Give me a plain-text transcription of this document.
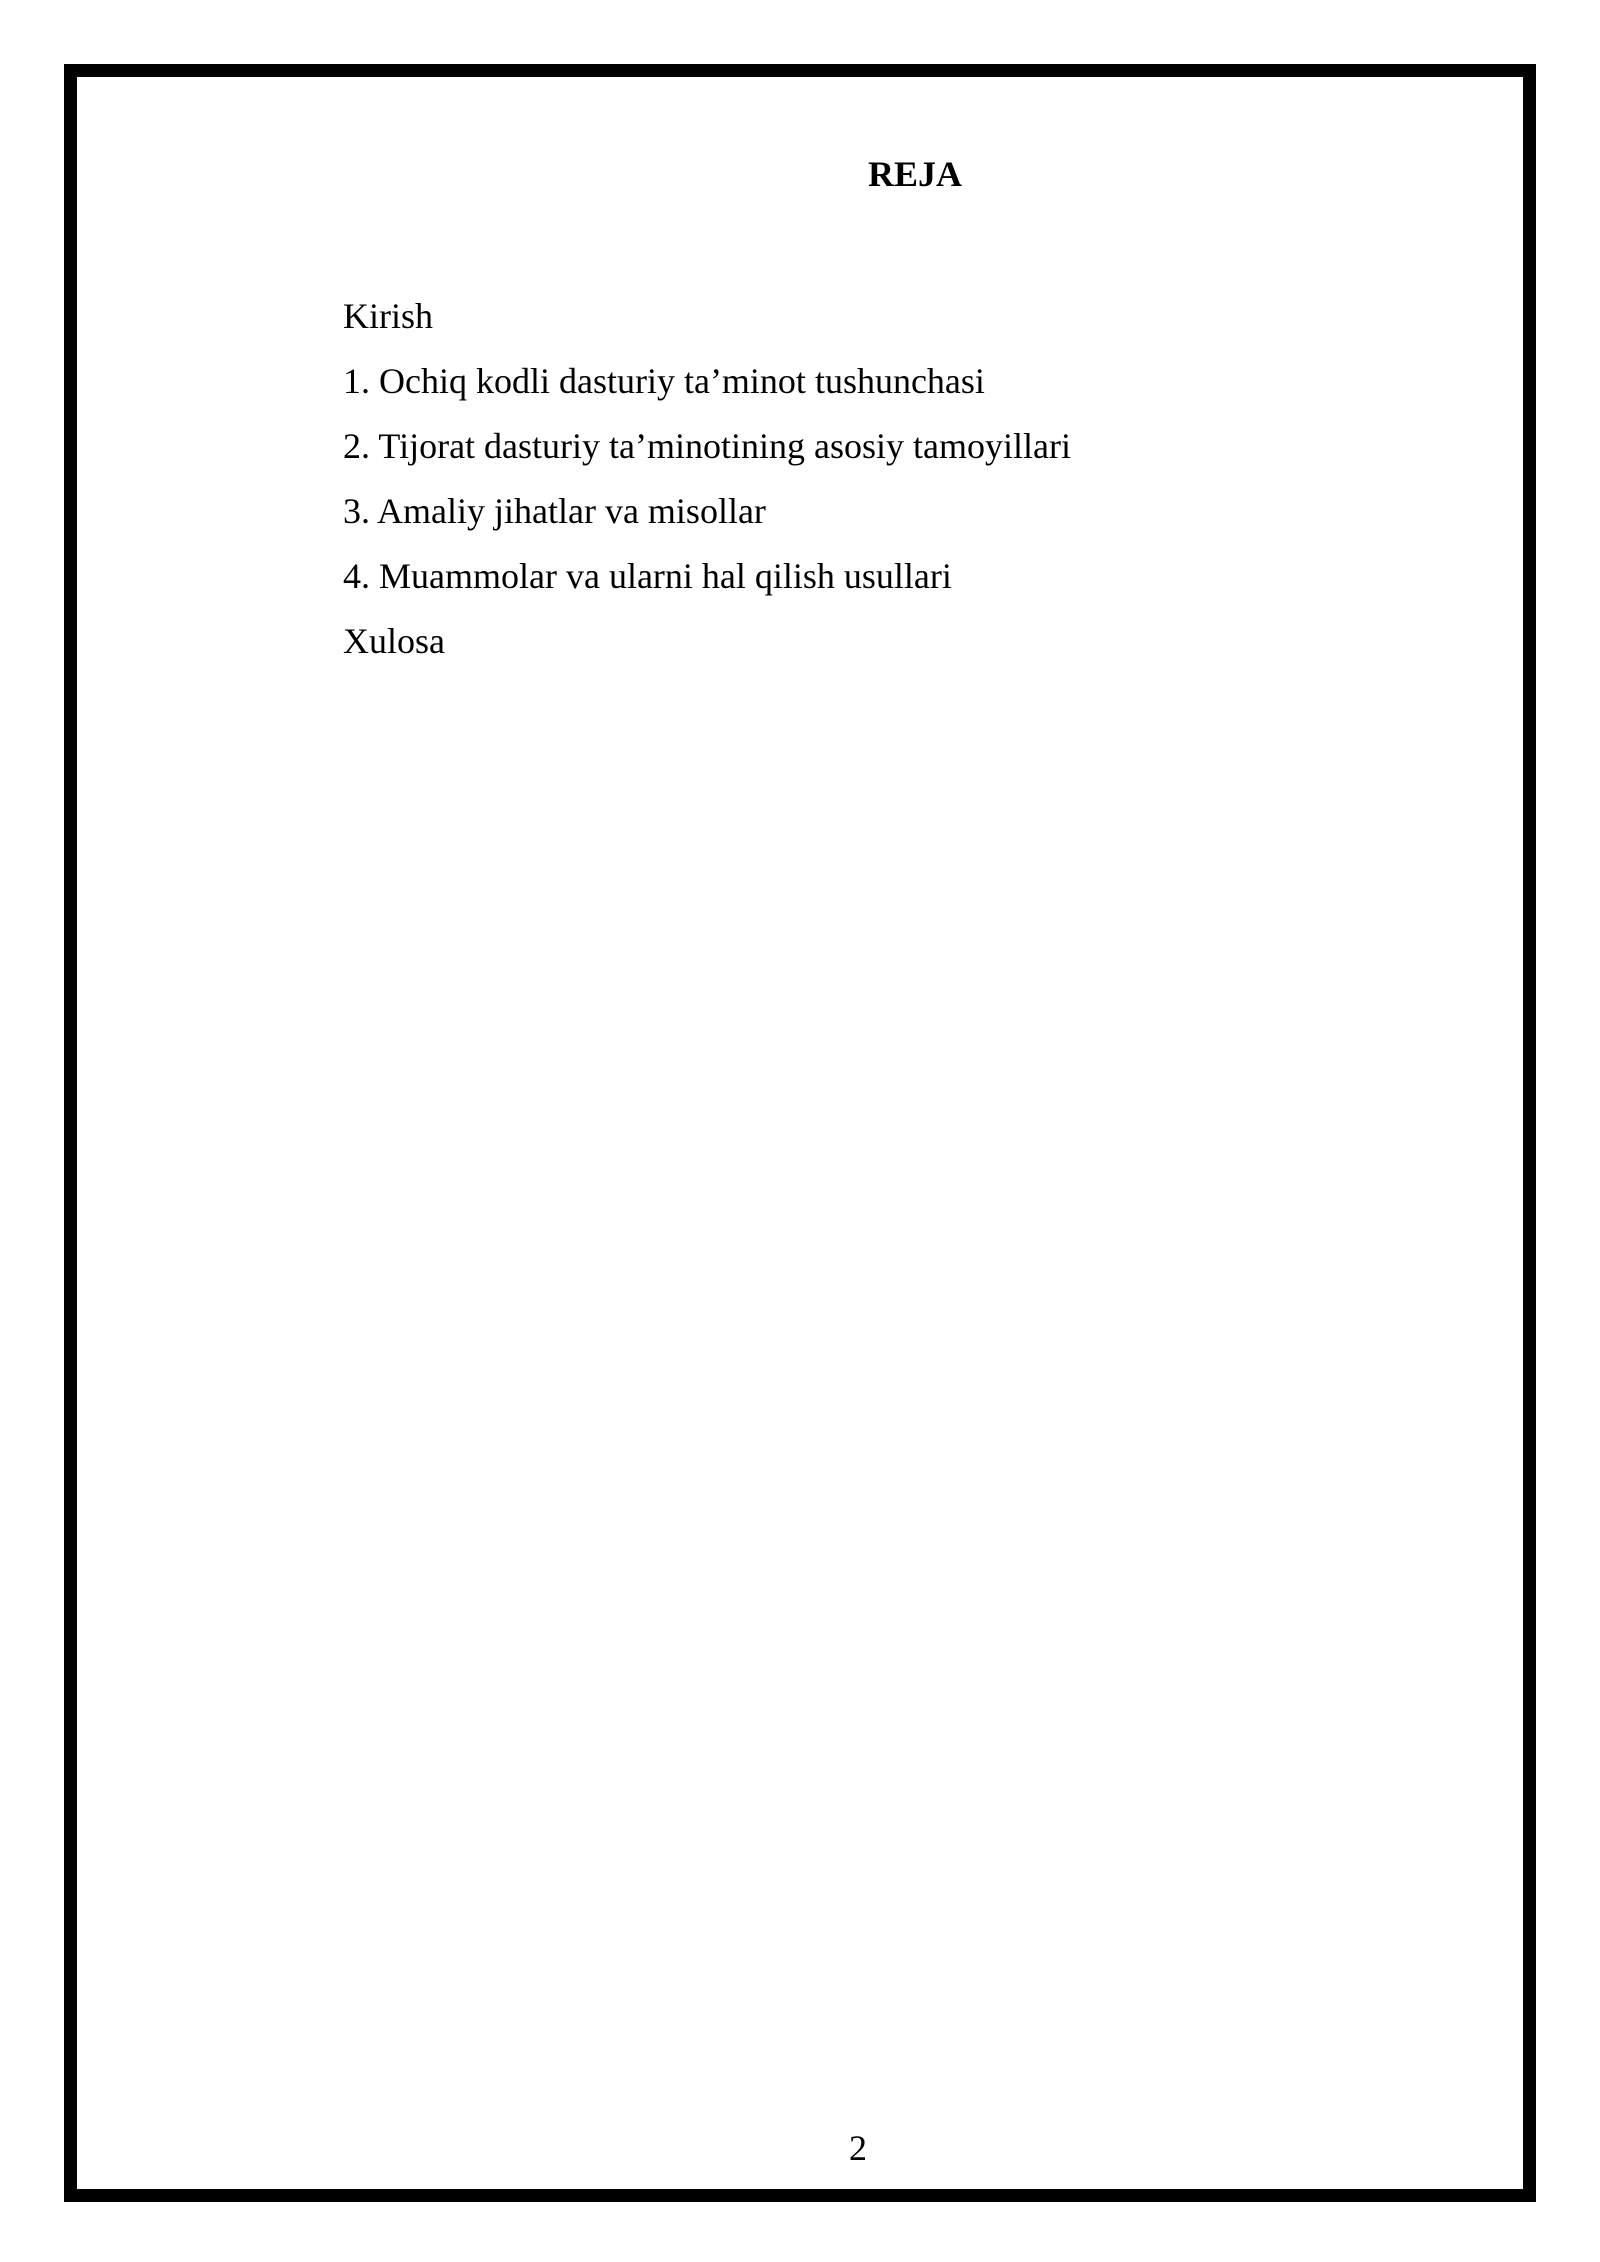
REJA
Kirish
1. Ochiq kodli dasturiy ta’minot tushunchasi
2. Tijorat dasturiy ta’minotining asosiy tamoyillari
3. Amaliy jihatlar va misollar
4. Muammolar va ularni hal qilish usullari
Xulosa
2
